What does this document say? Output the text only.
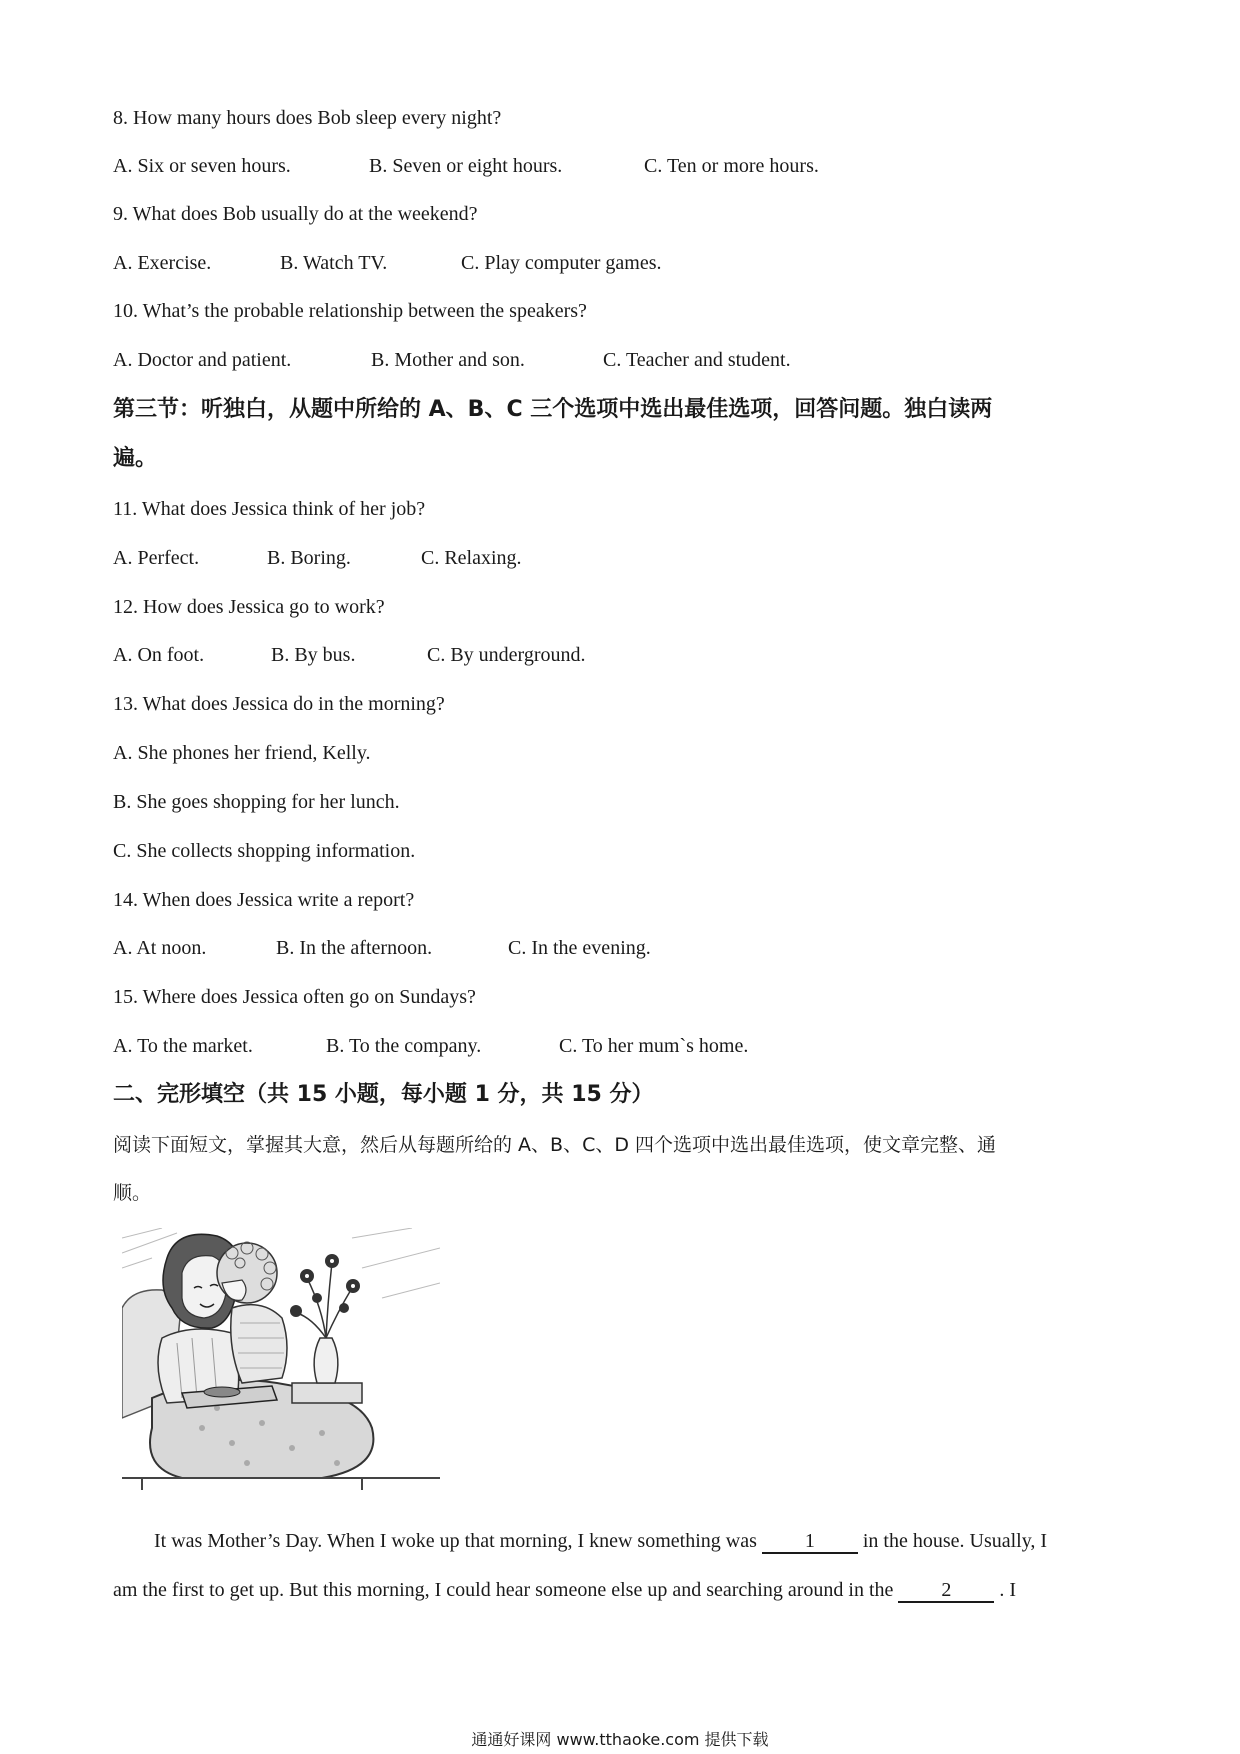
8. How many hours does Bob sleep every night?
A. Six or seven hours.	B. Seven or eight hours.	C. Ten or more hours.
9. What does Bob usually do at the weekend?
A. Exercise.	B. Watch TV.	C. Play computer games.
10. What’s the probable relationship between the speakers?
A. Doctor and patient.	B. Mother and son.	C. Teacher and student.
第三节：听独白，从题中所给的 A、B、C 三个选项中选出最佳选项，回答问题。独白读两
遍。
11. What does Jessica think of her job?
A. Perfect.	B. Boring.	C. Relaxing.
12. How does Jessica go to work?
A. On foot.	B. By bus.	C. By underground.
13. What does Jessica do in the morning?
A. She phones her friend, Kelly.
B. She goes shopping for her lunch.
C. She collects shopping information.
14. When does Jessica write a report?
A. At noon.	B. In the afternoon.	C. In the evening.
15. Where does Jessica often go on Sundays?
A. To the market.	B. To the company.	C. To her mum`s home.
二、完形填空（共 15 小题，每小题 1 分，共 15 分）
阅读下面短文，掌握其大意，然后从每题所给的 A、B、C、D 四个选项中选出最佳选项，使文章完整、通
顺。
It was Mother’s Day. When I woke up that morning, I knew something was 1 in the house. Usually, I
am the first to get up. But this morning, I could hear someone else up and searching around in the 2 . I
通通好课网 www.tthaoke.com 提供下载
